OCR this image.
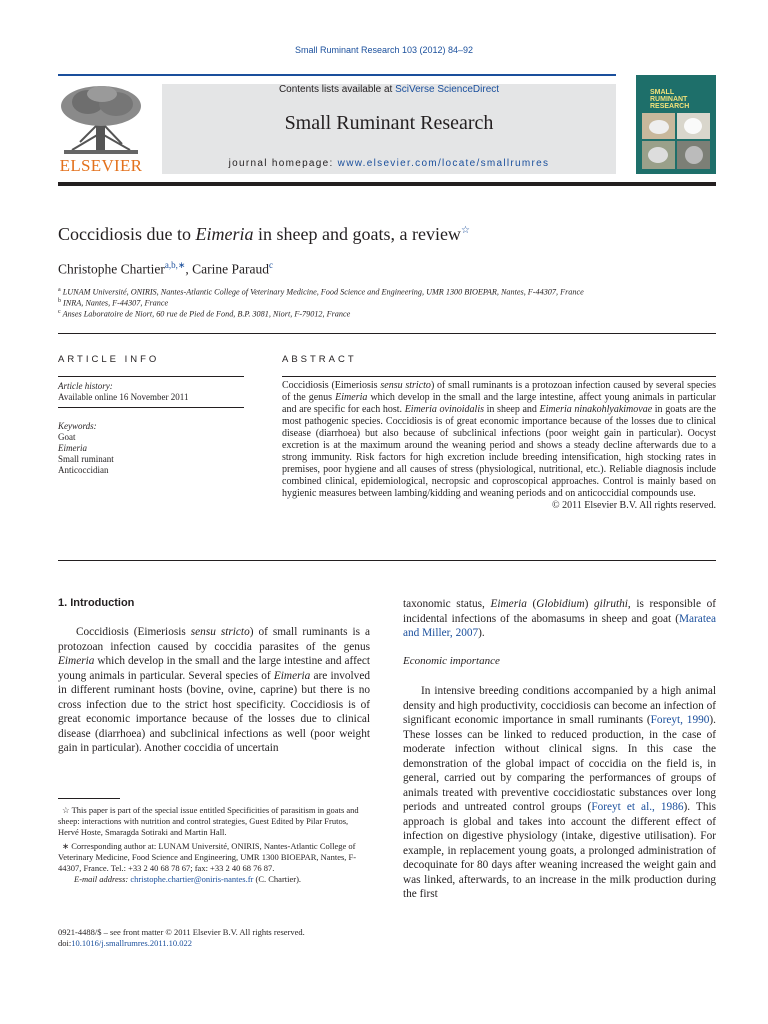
Small Ruminant Research 103 (2012) 84–92
ELSEVIER
Contents lists available at SciVerse ScienceDirect
Small Ruminant Research
journal homepage: www.elsevier.com/locate/smallrumres
SMALL RUMINANT RESEARCH
Coccidiosis due to Eimeria in sheep and goats, a review☆
Christophe Chartier$^{a,b,∗}$, Carine Paraud$^c$
$^a$ LUNAM Université, ONIRIS, Nantes-Atlantic College of Veterinary Medicine, Food Science and Engineering, UMR 1300 BIOEPAR, Nantes, F-44307, France
$^b$ INRA, Nantes, F-44307, France
$^c$ Anses Laboratoire de Niort, 60 rue de Pied de Fond, B.P. 3081, Niort, F-79012, France
ARTICLE INFO
Article history:
Available online 16 November 2011
Keywords:
Goat
Eimeria
Small ruminant
Anticoccidian
ABSTRACT

Coccidiosis (Eimeriosis sensu stricto) of small ruminants is a protozoan infection caused by several species of the genus Eimeria which develop in the small and the large intestine, affect young animals in particular and are specific for each host. Eimeria ovinoidalis in sheep and Eimeria ninakohlyakimovae in goats are the most pathogenic species. Coccidiosis is of great economic importance because of the losses due to clinical disease (diarrhoea) but also because of subclinical infections (poor weight gain in particular). Oocyst excretion is at the maximum around the weaning period and shows a steady decline afterwards due to a strong immunity. Risk factors for high excretion include breeding intensification, high stocking rates in premises, poor hygiene and all causes of stress (physiological, nutritional, etc.). Reliable diagnosis include combined clinical, epidemiological, necropsic and coproscopical approaches. Control is mainly based on hygienic measures between lambing/kidding and weaning periods and on anticoccidial compounds use.

© 2011 Elsevier B.V. All rights reserved.

1. Introduction

Coccidiosis (Eimeriosis sensu stricto) of small ruminants is a protozoan infection caused by coccidia parasites of the genus Eimeria which develop in the small and the large intestine and affect young animals in particular. Several species of Eimeria are involved in different ruminant hosts (bovine, ovine, caprine) but there is no cross infection due to the strict host specificity. Coccidiosis is of great economic importance because of the losses due to clinical disease (diarrhoea) and subclinical infections as well (poor weight gain in particular). Another coccidia of uncertain

☆ This paper is part of the special issue entitled Specificities of parasitism in goats and sheep: interactions with nutrition and control strategies, Guest Edited by Pilar Frutos, Hervé Hoste, Smaragda Sotiraki and Martin Hall.

∗ Corresponding author at: LUNAM Université, ONIRIS, Nantes-Atlantic College of Veterinary Medicine, Food Science and Engineering, UMR 1300 BIOEPAR, Nantes, F-44307, France. Tel.: +33 2 40 68 78 67; fax: +33 2 40 68 76 87.

E-mail address: christophe.chartier@oniris-nantes.fr (C. Chartier).

0921-4488/$ – see front matter © 2011 Elsevier B.V. All rights reserved.

doi:10.1016/j.smallrumres.2011.10.022

taxonomic status, Eimeria (Globidium) gilruthi, is responsible of incidental infections of the abomasums in sheep and goat (Maratea and Miller, 2007).

Economic importance

In intensive breeding conditions accompanied by a high animal density and high productivity, coccidiosis can become an infection of significant economic importance in small ruminants (Foreyt, 1990). These losses can be linked to reduced production, in the case of moderate infection without clinical signs. In this case the demonstration of the global impact of coccidia on the field is, in general, carried out by comparing the performances of groups of animals treated with preventive coccidiostatic substances over long periods and untreated control groups (Foreyt et al., 1986). This approach is global and takes into account the different effect of infection on digestive physiology (intake, digestive utilisation). For example, in replacement young goats, a prolonged administration of decoquinate for 80 days after weaning increased the weight gain and was linked, afterwards, to an increase in the milk production during the first
